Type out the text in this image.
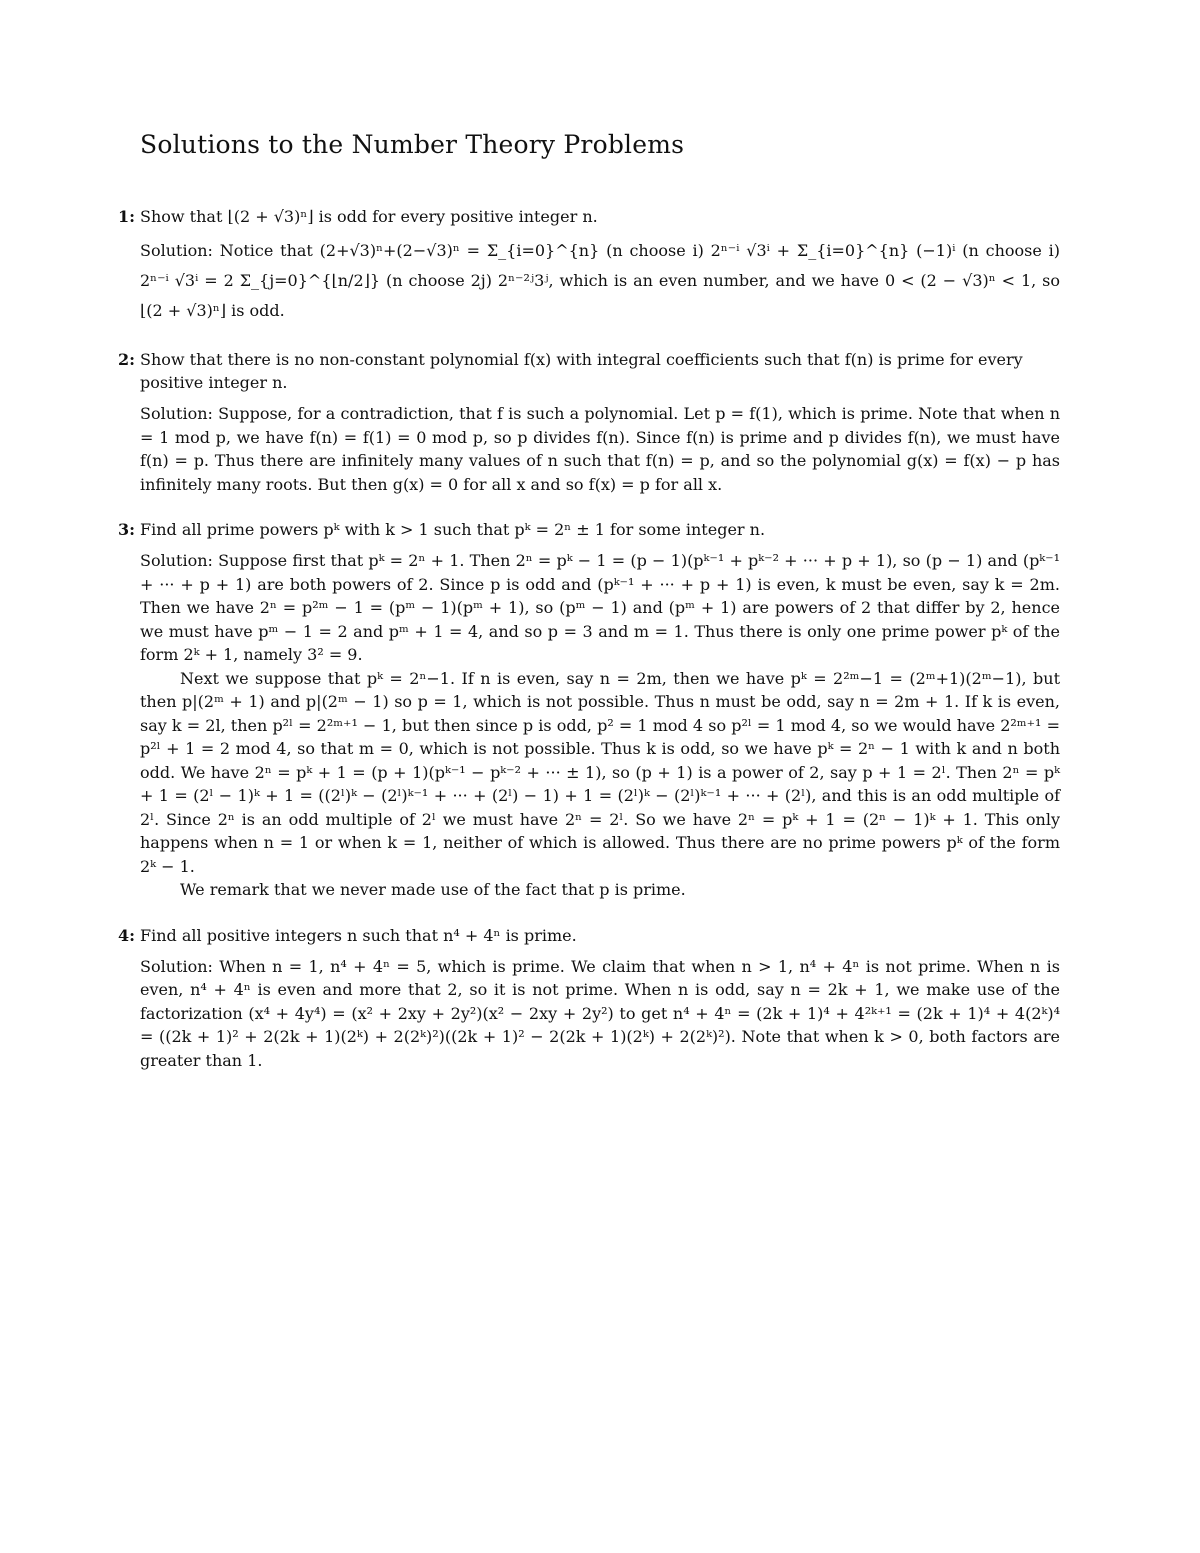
Solutions to the Number Theory Problems
1: Show that ⌊(2 + √3)ⁿ⌋ is odd for every positive integer n.

Solution: Notice that (2+√3)ⁿ+(2−√3)ⁿ = Σ_{i=0}^{n} (n choose i) 2ⁿ⁻ⁱ √3ⁱ + Σ_{i=0}^{n} (−1)ⁱ (n choose i) 2ⁿ⁻ⁱ √3ⁱ = 2 Σ_{j=0}^{⌊n/2⌋} (n choose 2j) 2ⁿ⁻²ʲ3ʲ, which is an even number, and we have 0 < (2 − √3)ⁿ < 1, so ⌊(2 + √3)ⁿ⌋ is odd.

2: Show that there is no non-constant polynomial f(x) with integral coefficients such that f(n) is prime for every positive integer n.

Solution: Suppose, for a contradiction, that f is such a polynomial. Let p = f(1), which is prime. Note that when n = 1 mod p, we have f(n) = f(1) = 0 mod p, so p divides f(n). Since f(n) is prime and p divides f(n), we must have f(n) = p. Thus there are infinitely many values of n such that f(n) = p, and so the polynomial g(x) = f(x) − p has infinitely many roots. But then g(x) = 0 for all x and so f(x) = p for all x.

3: Find all prime powers pᵏ with k > 1 such that pᵏ = 2ⁿ ± 1 for some integer n.

Solution: Suppose first that pᵏ = 2ⁿ + 1. Then 2ⁿ = pᵏ − 1 = (p − 1)(pᵏ⁻¹ + pᵏ⁻² + ··· + p + 1), so (p − 1) and (pᵏ⁻¹ + ··· + p + 1) are both powers of 2. Since p is odd and (pᵏ⁻¹ + ··· + p + 1) is even, k must be even, say k = 2m. Then we have 2ⁿ = p²ᵐ − 1 = (pᵐ − 1)(pᵐ + 1), so (pᵐ − 1) and (pᵐ + 1) are powers of 2 that differ by 2, hence we must have pᵐ − 1 = 2 and pᵐ + 1 = 4, and so p = 3 and m = 1. Thus there is only one prime power pᵏ of the form 2ᵏ + 1, namely 3² = 9.

Next we suppose that pᵏ = 2ⁿ−1. If n is even, say n = 2m, then we have pᵏ = 2²ᵐ−1 = (2ᵐ+1)(2ᵐ−1), but then p|(2ᵐ + 1) and p|(2ᵐ − 1) so p = 1, which is not possible. Thus n must be odd, say n = 2m + 1. If k is even, say k = 2l, then p²ˡ = 2²ᵐ⁺¹ − 1, but then since p is odd, p² = 1 mod 4 so p²ˡ = 1 mod 4, so we would have 2²ᵐ⁺¹ = p²ˡ + 1 = 2 mod 4, so that m = 0, which is not possible. Thus k is odd, so we have pᵏ = 2ⁿ − 1 with k and n both odd. We have 2ⁿ = pᵏ + 1 = (p + 1)(pᵏ⁻¹ − pᵏ⁻² + ··· ± 1), so (p + 1) is a power of 2, say p + 1 = 2ˡ. Then 2ⁿ = pᵏ + 1 = (2ˡ − 1)ᵏ + 1 = ((2ˡ)ᵏ − (2ˡ)ᵏ⁻¹ + ··· + (2ˡ) − 1) + 1 = (2ˡ)ᵏ − (2ˡ)ᵏ⁻¹ + ··· + (2ˡ), and this is an odd multiple of 2ˡ. Since 2ⁿ is an odd multiple of 2ˡ we must have 2ⁿ = 2ˡ. So we have 2ⁿ = pᵏ + 1 = (2ⁿ − 1)ᵏ + 1. This only happens when n = 1 or when k = 1, neither of which is allowed. Thus there are no prime powers pᵏ of the form 2ᵏ − 1.

We remark that we never made use of the fact that p is prime.

4: Find all positive integers n such that n⁴ + 4ⁿ is prime.

Solution: When n = 1, n⁴ + 4ⁿ = 5, which is prime. We claim that when n > 1, n⁴ + 4ⁿ is not prime. When n is even, n⁴ + 4ⁿ is even and more that 2, so it is not prime. When n is odd, say n = 2k + 1, we make use of the factorization (x⁴ + 4y⁴) = (x² + 2xy + 2y²)(x² − 2xy + 2y²) to get n⁴ + 4ⁿ = (2k + 1)⁴ + 4²ᵏ⁺¹ = (2k + 1)⁴ + 4(2ᵏ)⁴ = ((2k + 1)² + 2(2k + 1)(2ᵏ) + 2(2ᵏ)²)((2k + 1)² − 2(2k + 1)(2ᵏ) + 2(2ᵏ)²). Note that when k > 0, both factors are greater than 1.
